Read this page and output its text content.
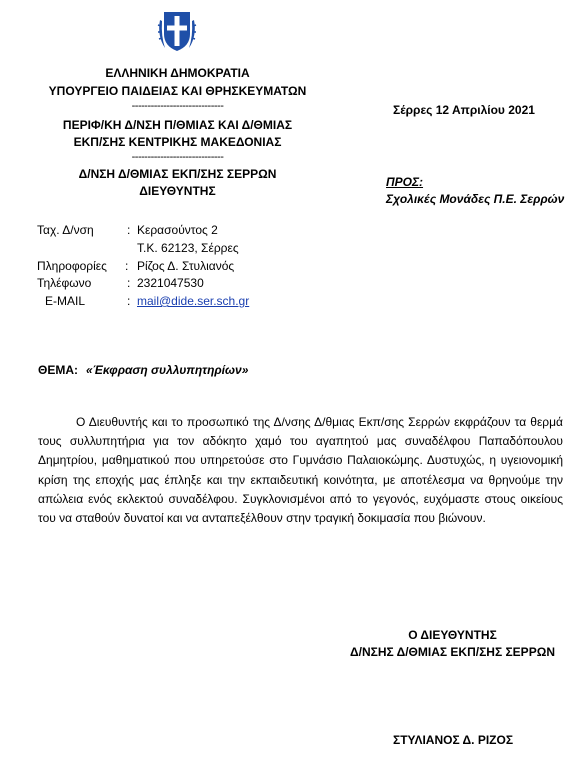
ΕΛΛΗΝΙΚΗ ΔΗΜΟΚΡΑΤΙΑ
ΥΠΟΥΡΓΕΙΟ ΠΑΙΔΕΙΑΣ ΚΑΙ ΘΡΗΣΚΕΥΜΑΤΩΝ
-----------------------------
ΠΕΡΙΦ/ΚΗ Δ/ΝΣΗ Π/ΘΜΙΑΣ ΚΑΙ Δ/ΘΜΙΑΣ
ΕΚΠ/ΣΗΣ ΚΕΝΤΡΙΚΗΣ ΜΑΚΕΔΟΝΙΑΣ
-----------------------------
Δ/ΝΣΗ Δ/ΘΜΙΑΣ ΕΚΠ/ΣΗΣ ΣΕΡΡΩΝ
ΔΙΕΥΘΥΝΤΗΣ
Σέρρες 12 Απριλίου 2021
ΠΡΟΣ:
Σχολικές Μονάδες Π.Ε. Σερρών
Ταχ. Δ/νση	: Κερασούντος 2
Τ.Κ. 62123, Σέρρες
Πληροφορίες	: Ρίζος Δ. Στυλιανός
Τηλέφωνο	: 2321047530
E-MAIL	: mail@dide.ser.sch.gr
ΘΕΜΑ: «Έκφραση συλλυπητηρίων»
Ο Διευθυντής και το προσωπικό της Δ/νσης Δ/θμιας Εκπ/σης Σερρών εκφράζουν τα θερμά τους συλλυπητήρια για τον αδόκητο χαμό του αγαπητού μας συναδέλφου Παπαδόπουλου Δημητρίου, μαθηματικού που υπηρετούσε στο Γυμνάσιο Παλαιοκώμης. Δυστυχώς, η υγειονομική κρίση της εποχής μας έπληξε και την εκπαιδευτική κοινότητα, με αποτέλεσμα να θρηνούμε την απώλεια ενός εκλεκτού συναδέλφου. Συγκλονισμένοι από το γεγονός, ευχόμαστε στους οικείους του να σταθούν δυνατοί και να ανταπεξέλθουν στην τραγική δοκιμασία που βιώνουν.
Ο ΔΙΕΥΘΥΝΤΗΣ
Δ/ΝΣΗΣ Δ/ΘΜΙΑΣ ΕΚΠ/ΣΗΣ ΣΕΡΡΩΝ
ΣΤΥΛΙΑΝΟΣ Δ. ΡΙΖΟΣ
